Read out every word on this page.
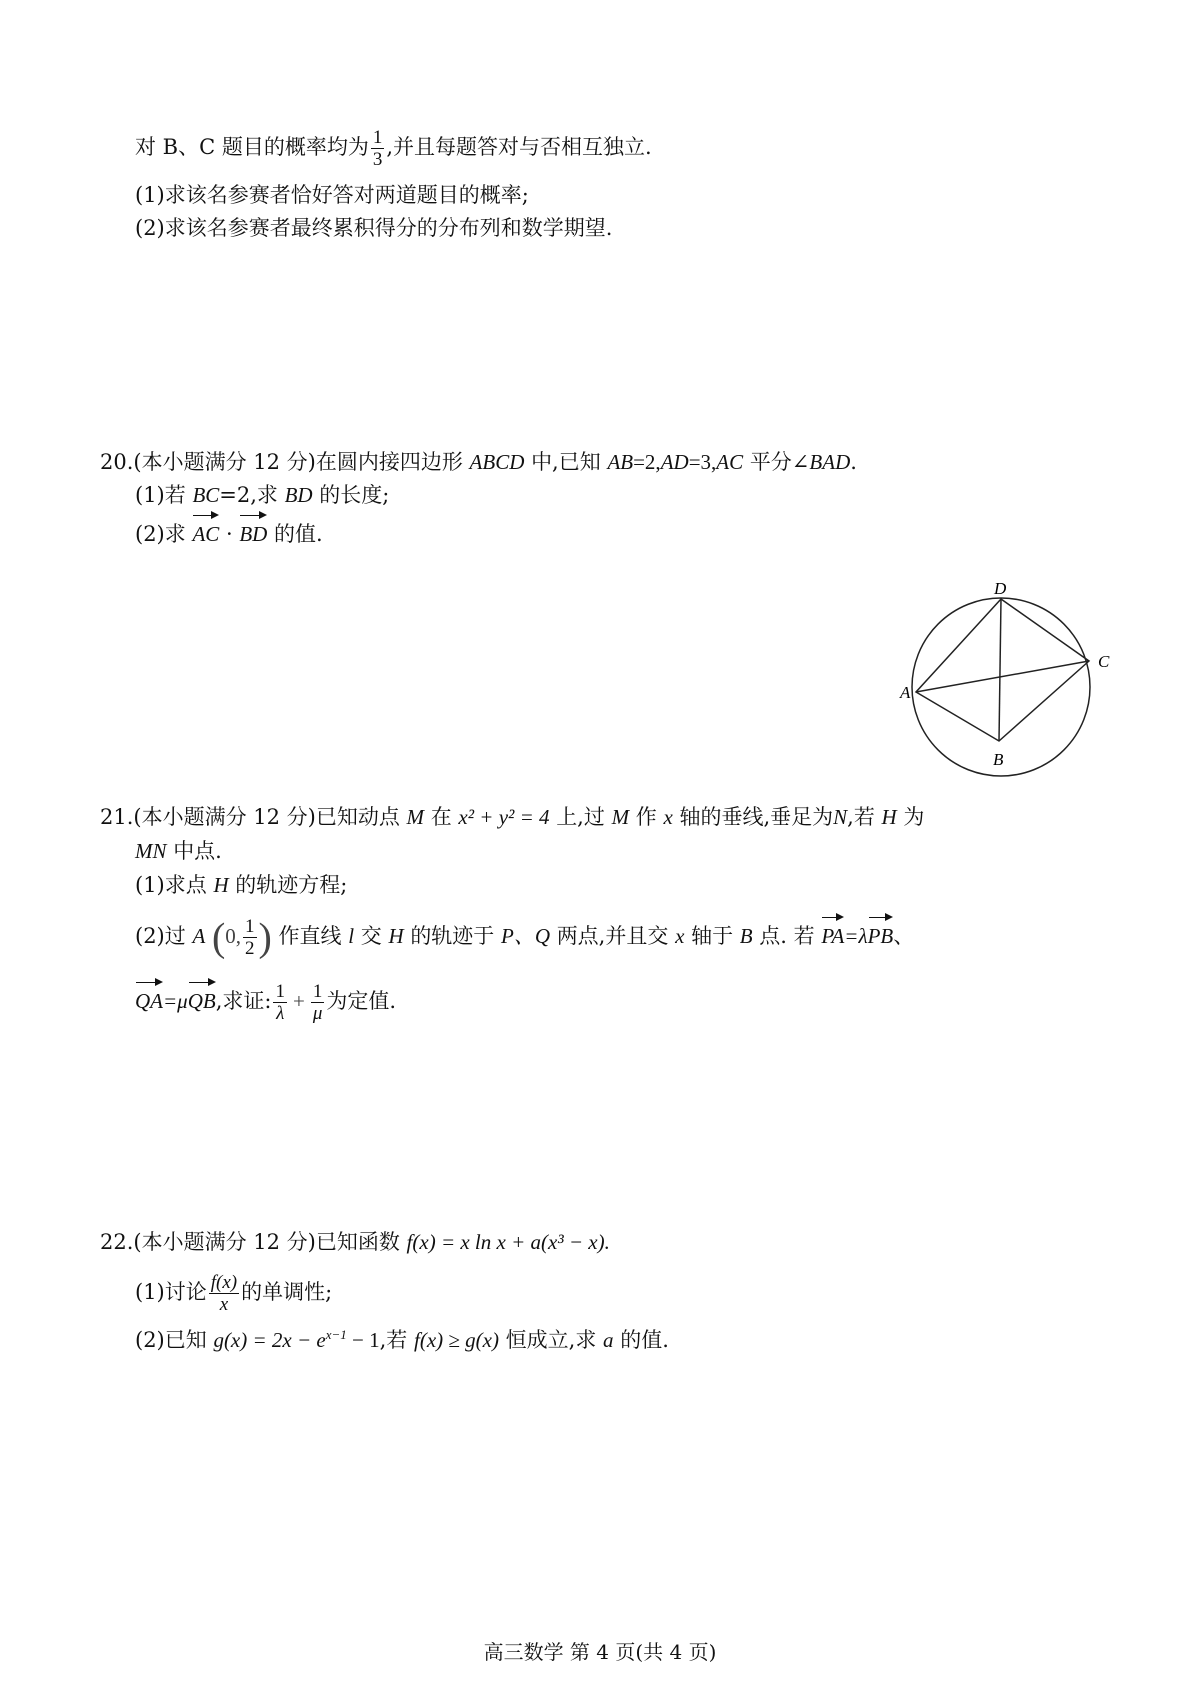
对 B、C 题目的概率均为 $\frac{1}{3}$ ,并且每题答对与否相互独立.
(1)求该名参赛者恰好答对两道题目的概率;
(2)求该名参赛者最终累积得分的分布列和数学期望.
20.(本小题满分 12 分)在圆内接四边形 ABCD 中,已知 AB=2,AD=3,AC 平分∠BAD.
(1)若 BC=2,求 BD 的长度;
(2)求 AC · BD 的值.
A
B
C
D
21.(本小题满分 12 分)已知动点 M 在 x² + y² = 4 上,过 M 作 x 轴的垂线,垂足为N,若 H 为
MN 中点.
(1)求点 H 的轨迹方程;
(2)过 A (0, $\frac{1}{2}$ ) 作直线 l 交 H 的轨迹于 P、Q 两点,并且交 x 轴于 B 点. 若 PA=λPB、
QA=μQB,求证: $\frac{1}{\lambda} + \frac{1}{\mu}$ 为定值.
22.(本小题满分 12 分)已知函数 f(x) = x ln x + a(x³ − x).
(1)讨论 $\frac{f(x)}{x}$ 的单调性;
(2)已知 $g(x) = 2x - e^{x-1} - 1$,若 f(x) ≥ g(x) 恒成立,求 a 的值.
高三数学 第 4 页(共 4 页)
